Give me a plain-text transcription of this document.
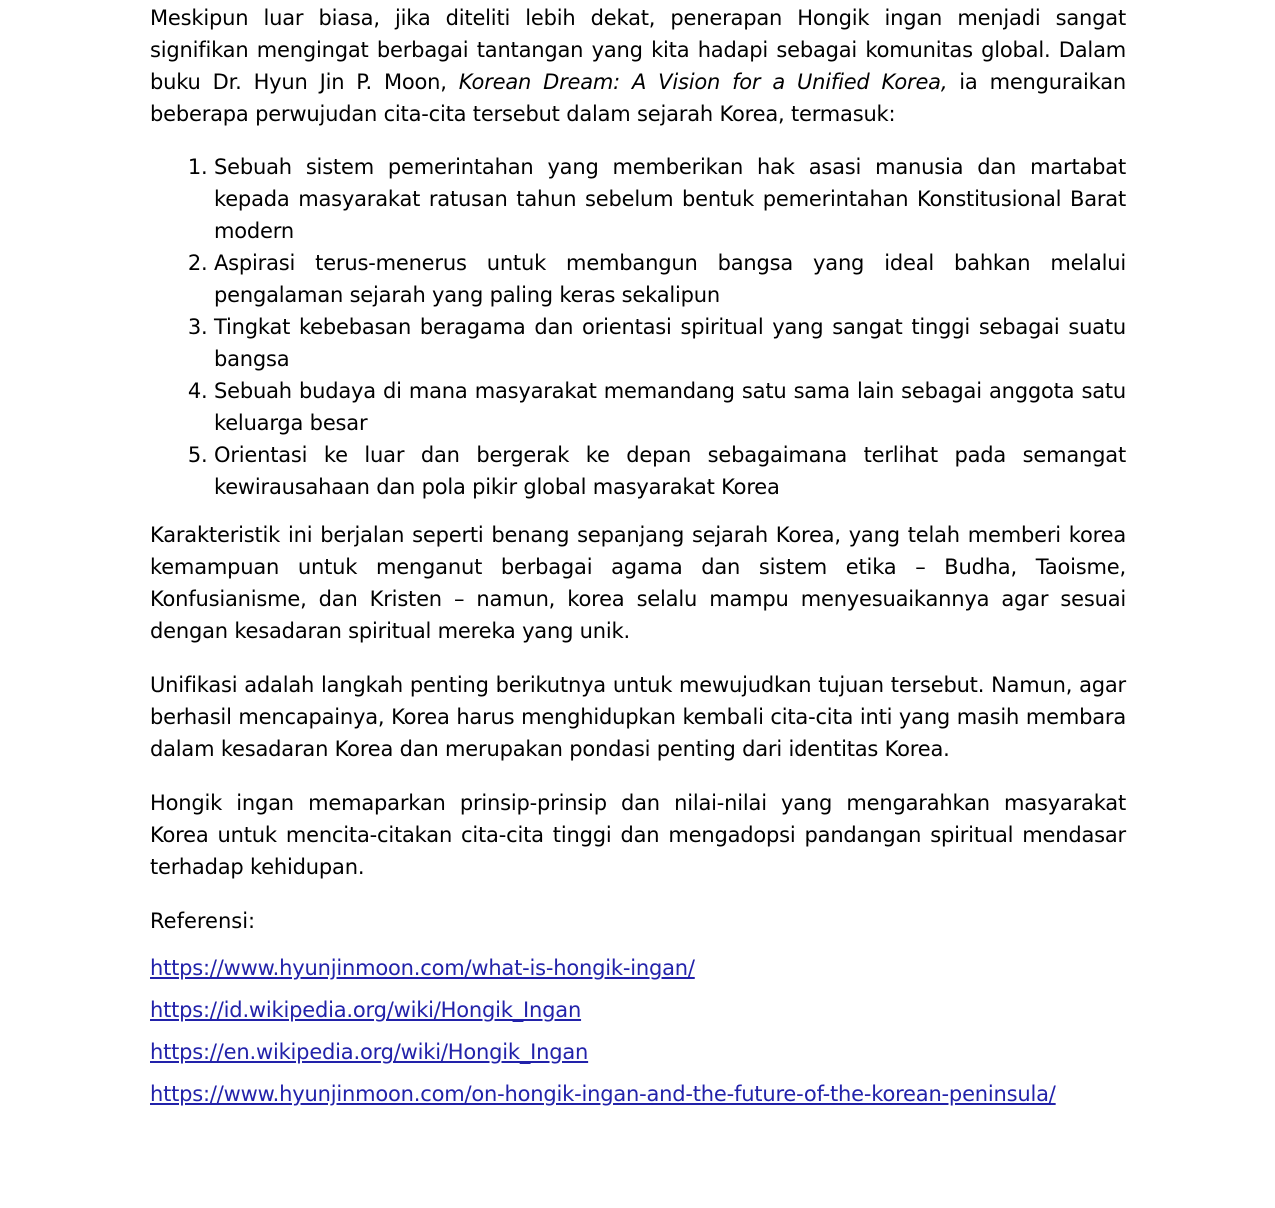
Meskipun luar biasa, jika diteliti lebih dekat, penerapan Hongik ingan menjadi sangat signifikan mengingat berbagai tantangan yang kita hadapi sebagai komunitas global. Dalam buku Dr. Hyun Jin P. Moon, Korean Dream: A Vision for a Unified Korea, ia menguraikan beberapa perwujudan cita-cita tersebut dalam sejarah Korea, termasuk:

1. Sebuah sistem pemerintahan yang memberikan hak asasi manusia dan martabat kepada masyarakat ratusan tahun sebelum bentuk pemerintahan Konstitusional Barat modern
2. Aspirasi terus-menerus untuk membangun bangsa yang ideal bahkan melalui pengalaman sejarah yang paling keras sekalipun
3. Tingkat kebebasan beragama dan orientasi spiritual yang sangat tinggi sebagai suatu bangsa
4. Sebuah budaya di mana masyarakat memandang satu sama lain sebagai anggota satu keluarga besar
5. Orientasi ke luar dan bergerak ke depan sebagaimana terlihat pada semangat kewirausahaan dan pola pikir global masyarakat Korea

Karakteristik ini berjalan seperti benang sepanjang sejarah Korea, yang telah memberi korea kemampuan untuk menganut berbagai agama dan sistem etika – Budha, Taoisme, Konfusianisme, dan Kristen – namun, korea selalu mampu menyesuaikannya agar sesuai dengan kesadaran spiritual mereka yang unik.

Unifikasi adalah langkah penting berikutnya untuk mewujudkan tujuan tersebut. Namun, agar berhasil mencapainya, Korea harus menghidupkan kembali cita-cita inti yang masih membara dalam kesadaran Korea dan merupakan pondasi penting dari identitas Korea.

Hongik ingan memaparkan prinsip-prinsip dan nilai-nilai yang mengarahkan masyarakat Korea untuk mencita-citakan cita-cita tinggi dan mengadopsi pandangan spiritual mendasar terhadap kehidupan.

Referensi:

https://www.hyunjinmoon.com/what-is-hongik-ingan/
https://id.wikipedia.org/wiki/Hongik_Ingan
https://en.wikipedia.org/wiki/Hongik_Ingan
https://www.hyunjinmoon.com/on-hongik-ingan-and-the-future-of-the-korean-peninsula/
